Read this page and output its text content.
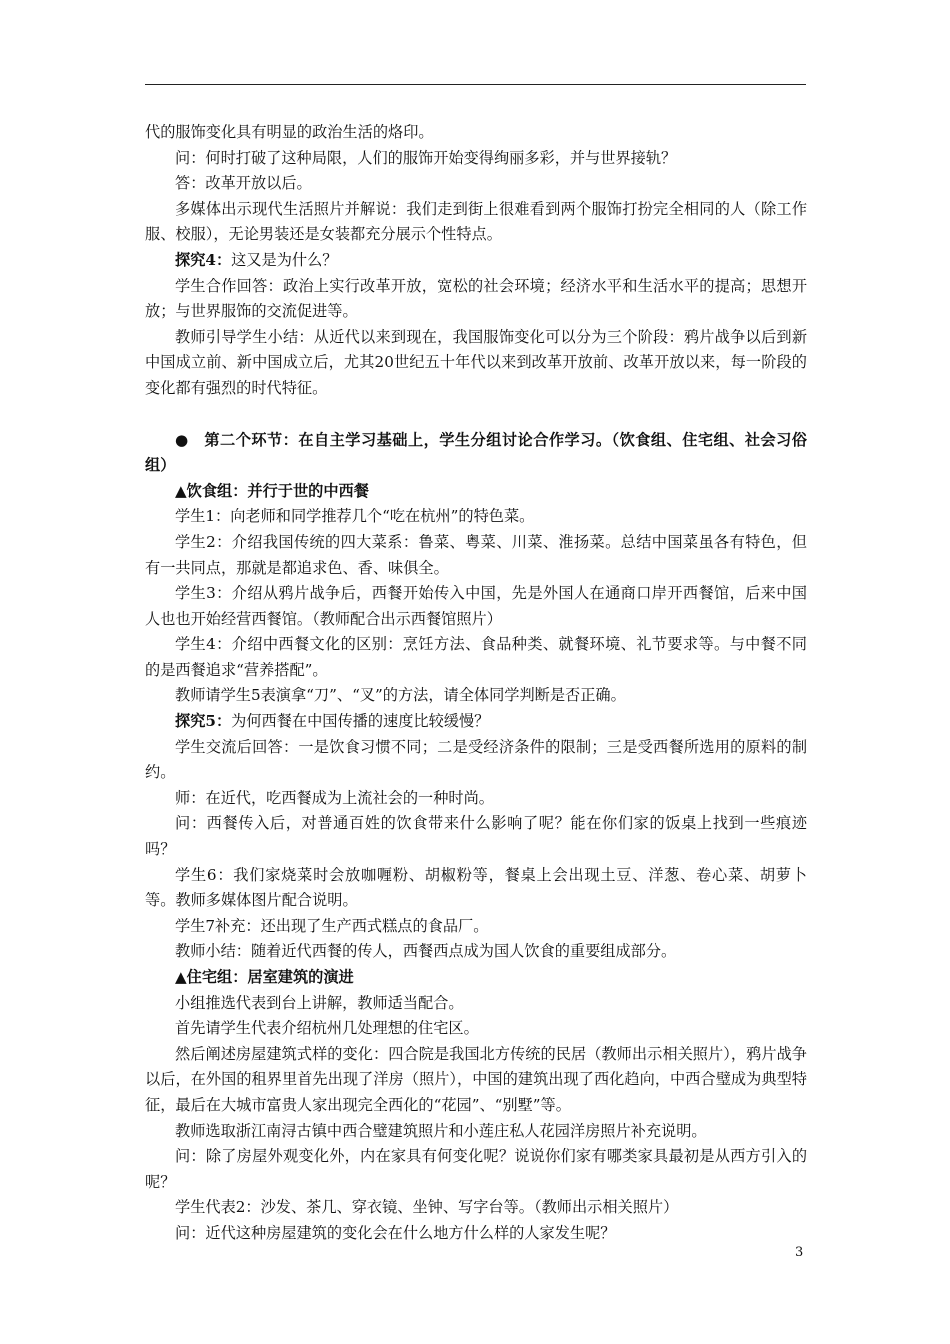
代的服饰变化具有明显的政治生活的烙印。

问：何时打破了这种局限，人们的服饰开始变得绚丽多彩，并与世界接轨？

答：改革开放以后。

多媒体出示现代生活照片并解说：我们走到街上很难看到两个服饰打扮完全相同的人（除工作服、校服），无论男装还是女装都充分展示个性特点。

探究4：这又是为什么？

学生合作回答：政治上实行改革开放，宽松的社会环境；经济水平和生活水平的提高；思想开放；与世界服饰的交流促进等。

教师引导学生小结：从近代以来到现在，我国服饰变化可以分为三个阶段：鸦片战争以后到新中国成立前、新中国成立后，尤其20世纪五十年代以来到改革开放前、改革开放以来，每一阶段的变化都有强烈的时代特征。

●　第二个环节：在自主学习基础上，学生分组讨论合作学习。（饮食组、住宅组、社会习俗组）

▲饮食组：并行于世的中西餐

学生1：向老师和同学推荐几个“吃在杭州”的特色菜。

学生2：介绍我国传统的四大菜系：鲁菜、粤菜、川菜、淮扬菜。总结中国菜虽各有特色，但有一共同点，那就是都追求色、香、味俱全。

学生3：介绍从鸦片战争后，西餐开始传入中国，先是外国人在通商口岸开西餐馆，后来中国人也也开始经营西餐馆。（教师配合出示西餐馆照片）

学生4：介绍中西餐文化的区别：烹饪方法、食品种类、就餐环境、礼节要求等。与中餐不同的是西餐追求“营养搭配”。

教师请学生5表演拿“刀”、“叉”的方法，请全体同学判断是否正确。

探究5：为何西餐在中国传播的速度比较缓慢？

学生交流后回答：一是饮食习惯不同；二是受经济条件的限制；三是受西餐所选用的原料的制约。

师：在近代，吃西餐成为上流社会的一种时尚。

问：西餐传入后，对普通百姓的饮食带来什么影响了呢？能在你们家的饭桌上找到一些痕迹吗？

学生6：我们家烧菜时会放咖喱粉、胡椒粉等，餐桌上会出现土豆、洋葱、卷心菜、胡萝卜等。教师多媒体图片配合说明。

学生7补充：还出现了生产西式糕点的食品厂。

教师小结：随着近代西餐的传人，西餐西点成为国人饮食的重要组成部分。

▲住宅组：居室建筑的演进

小组推选代表到台上讲解，教师适当配合。

首先请学生代表介绍杭州几处理想的住宅区。

然后阐述房屋建筑式样的变化：四合院是我国北方传统的民居（教师出示相关照片），鸦片战争以后，在外国的租界里首先出现了洋房（照片），中国的建筑出现了西化趋向，中西合璧成为典型特征，最后在大城市富贵人家出现完全西化的“花园”、“别墅”等。

教师选取浙江南浔古镇中西合璧建筑照片和小莲庄私人花园洋房照片补充说明。

问：除了房屋外观变化外，内在家具有何变化呢？说说你们家有哪类家具最初是从西方引入的呢？

学生代表2：沙发、茶几、穿衣镜、坐钟、写字台等。（教师出示相关照片）

问：近代这种房屋建筑的变化会在什么地方什么样的人家发生呢？

3
